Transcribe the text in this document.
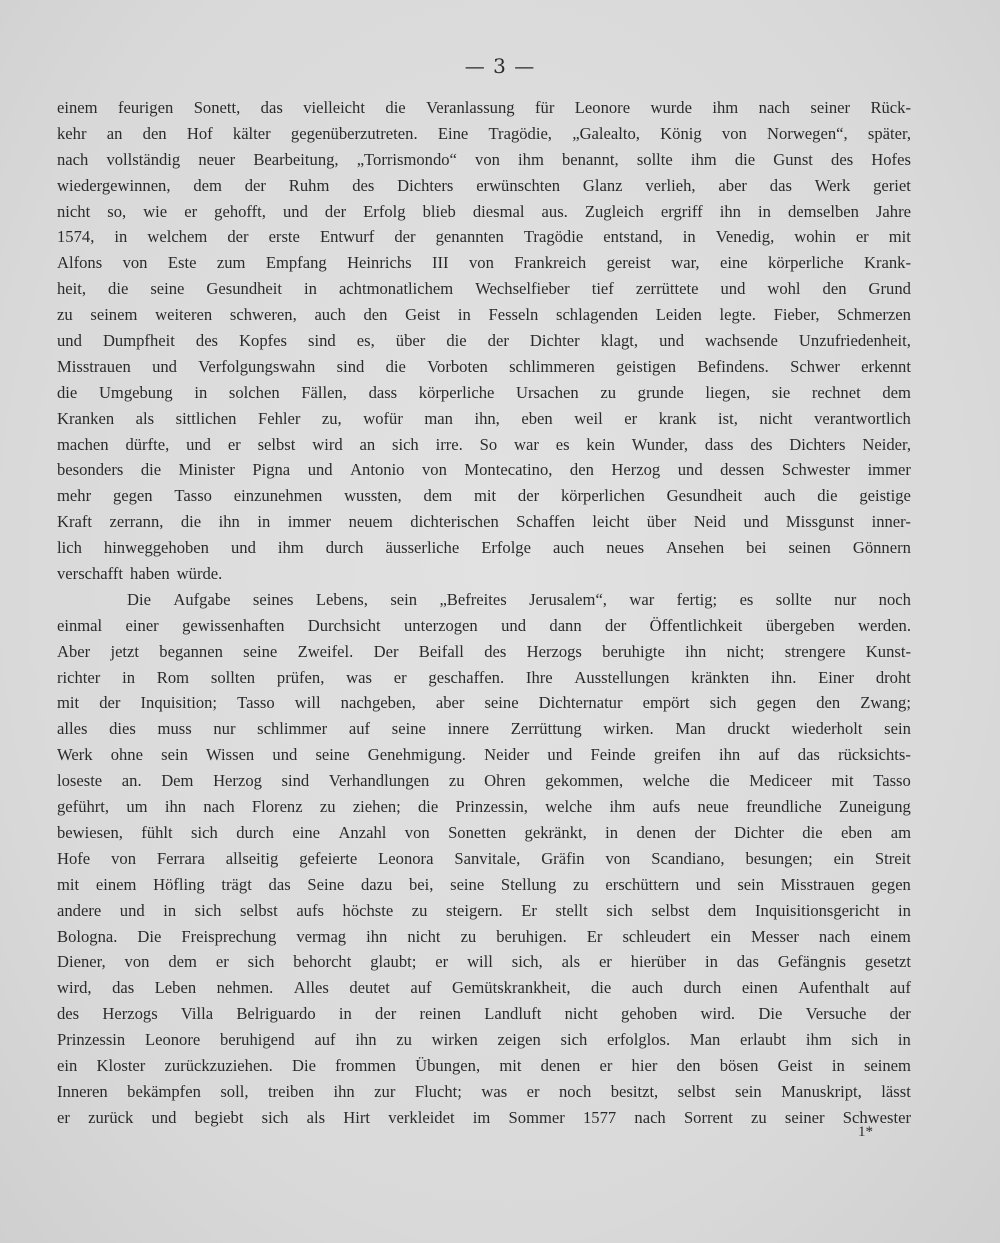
— 3 —
einem feurigen Sonett, das vielleicht die Veranlassung für Leonore wurde ihm nach seiner Rück-
kehr an den Hof kälter gegenüberzutreten. Eine Tragödie, „Galealto, König von Norwegen“, später,
nach vollständig neuer Bearbeitung, „Torrismondo“ von ihm benannt, sollte ihm die Gunst des Hofes
wiedergewinnen, dem der Ruhm des Dichters erwünschten Glanz verlieh, aber das Werk geriet
nicht so, wie er gehofft, und der Erfolg blieb diesmal aus. Zugleich ergriff ihn in demselben Jahre
1574, in welchem der erste Entwurf der genannten Tragödie entstand, in Venedig, wohin er mit
Alfons von Este zum Empfang Heinrichs III von Frankreich gereist war, eine körperliche Krank-
heit, die seine Gesundheit in achtmonatlichem Wechselfieber tief zerrüttete und wohl den Grund
zu seinem weiteren schweren, auch den Geist in Fesseln schlagenden Leiden legte. Fieber, Schmerzen
und Dumpfheit des Kopfes sind es, über die der Dichter klagt, und wachsende Unzufriedenheit,
Misstrauen und Verfolgungswahn sind die Vorboten schlimmeren geistigen Befindens. Schwer erkennt
die Umgebung in solchen Fällen, dass körperliche Ursachen zu grunde liegen, sie rechnet dem
Kranken als sittlichen Fehler zu, wofür man ihn, eben weil er krank ist, nicht verantwortlich
machen dürfte, und er selbst wird an sich irre. So war es kein Wunder, dass des Dichters Neider,
besonders die Minister Pigna und Antonio von Montecatino, den Herzog und dessen Schwester immer
mehr gegen Tasso einzunehmen wussten, dem mit der körperlichen Gesundheit auch die geistige
Kraft zerrann, die ihn in immer neuem dichterischen Schaffen leicht über Neid und Missgunst inner-
lich hinweggehoben und ihm durch äusserliche Erfolge auch neues Ansehen bei seinen Gönnern
verschafft haben würde.
Die Aufgabe seines Lebens, sein „Befreites Jerusalem“, war fertig; es sollte nur noch
einmal einer gewissenhaften Durchsicht unterzogen und dann der Öffentlichkeit übergeben werden.
Aber jetzt begannen seine Zweifel. Der Beifall des Herzogs beruhigte ihn nicht; strengere Kunst-
richter in Rom sollten prüfen, was er geschaffen. Ihre Ausstellungen kränkten ihn. Einer droht
mit der Inquisition; Tasso will nachgeben, aber seine Dichternatur empört sich gegen den Zwang;
alles dies muss nur schlimmer auf seine innere Zerrüttung wirken. Man druckt wiederholt sein
Werk ohne sein Wissen und seine Genehmigung. Neider und Feinde greifen ihn auf das rücksichts-
loseste an. Dem Herzog sind Verhandlungen zu Ohren gekommen, welche die Mediceer mit Tasso
geführt, um ihn nach Florenz zu ziehen; die Prinzessin, welche ihm aufs neue freundliche Zuneigung
bewiesen, fühlt sich durch eine Anzahl von Sonetten gekränkt, in denen der Dichter die eben am
Hofe von Ferrara allseitig gefeierte Leonora Sanvitale, Gräfin von Scandiano, besungen; ein Streit
mit einem Höfling trägt das Seine dazu bei, seine Stellung zu erschüttern und sein Misstrauen gegen
andere und in sich selbst aufs höchste zu steigern. Er stellt sich selbst dem Inquisitionsgericht in
Bologna. Die Freisprechung vermag ihn nicht zu beruhigen. Er schleudert ein Messer nach einem
Diener, von dem er sich behorcht glaubt; er will sich, als er hierüber in das Gefängnis gesetzt
wird, das Leben nehmen. Alles deutet auf Gemütskrankheit, die auch durch einen Aufenthalt auf
des Herzogs Villa Belriguardo in der reinen Landluft nicht gehoben wird. Die Versuche der
Prinzessin Leonore beruhigend auf ihn zu wirken zeigen sich erfolglos. Man erlaubt ihm sich in
ein Kloster zurückzuziehen. Die frommen Übungen, mit denen er hier den bösen Geist in seinem
Inneren bekämpfen soll, treiben ihn zur Flucht; was er noch besitzt, selbst sein Manuskript, lässt
er zurück und begiebt sich als Hirt verkleidet im Sommer 1577 nach Sorrent zu seiner Schwester
1*
